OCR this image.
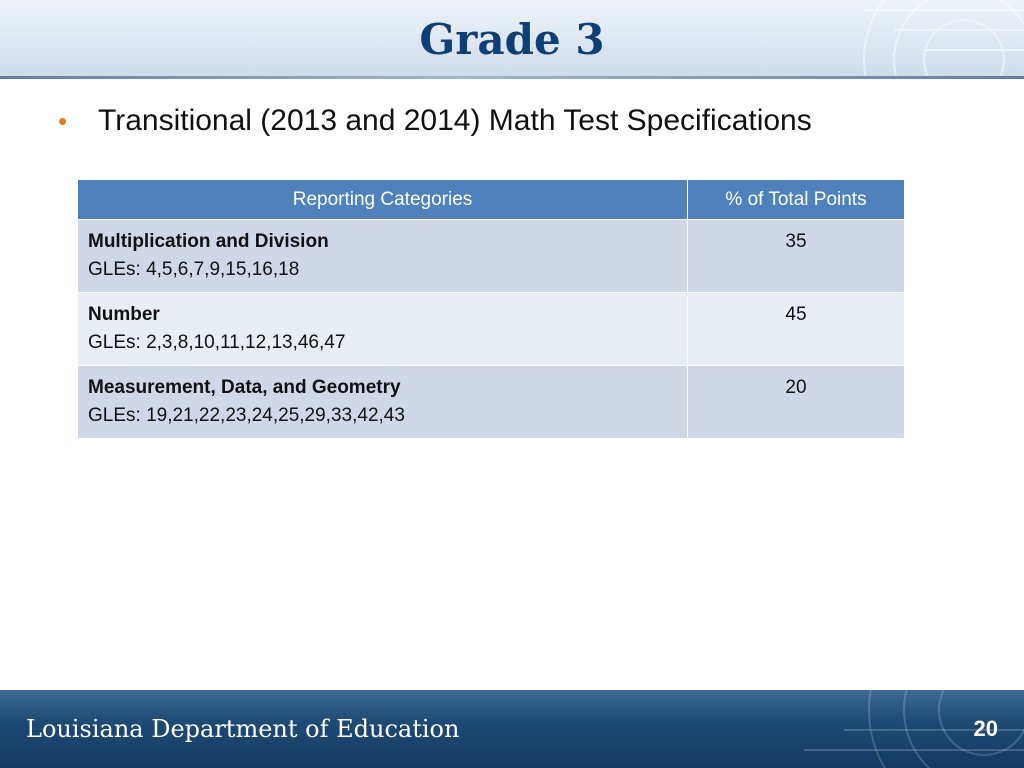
Grade 3
•	Transitional (2013 and 2014) Math Test Specifications
Reporting Categories	% of Total Points

Multiplication and Division
GLEs: 4,5,6,7,9,15,16,18	35

Number
GLEs: 2,3,8,10,11,12,13,46,47	45

Measurement, Data, and Geometry
GLEs: 19,21,22,23,24,25,29,33,42,43	20
Louisiana Department of Education	20
